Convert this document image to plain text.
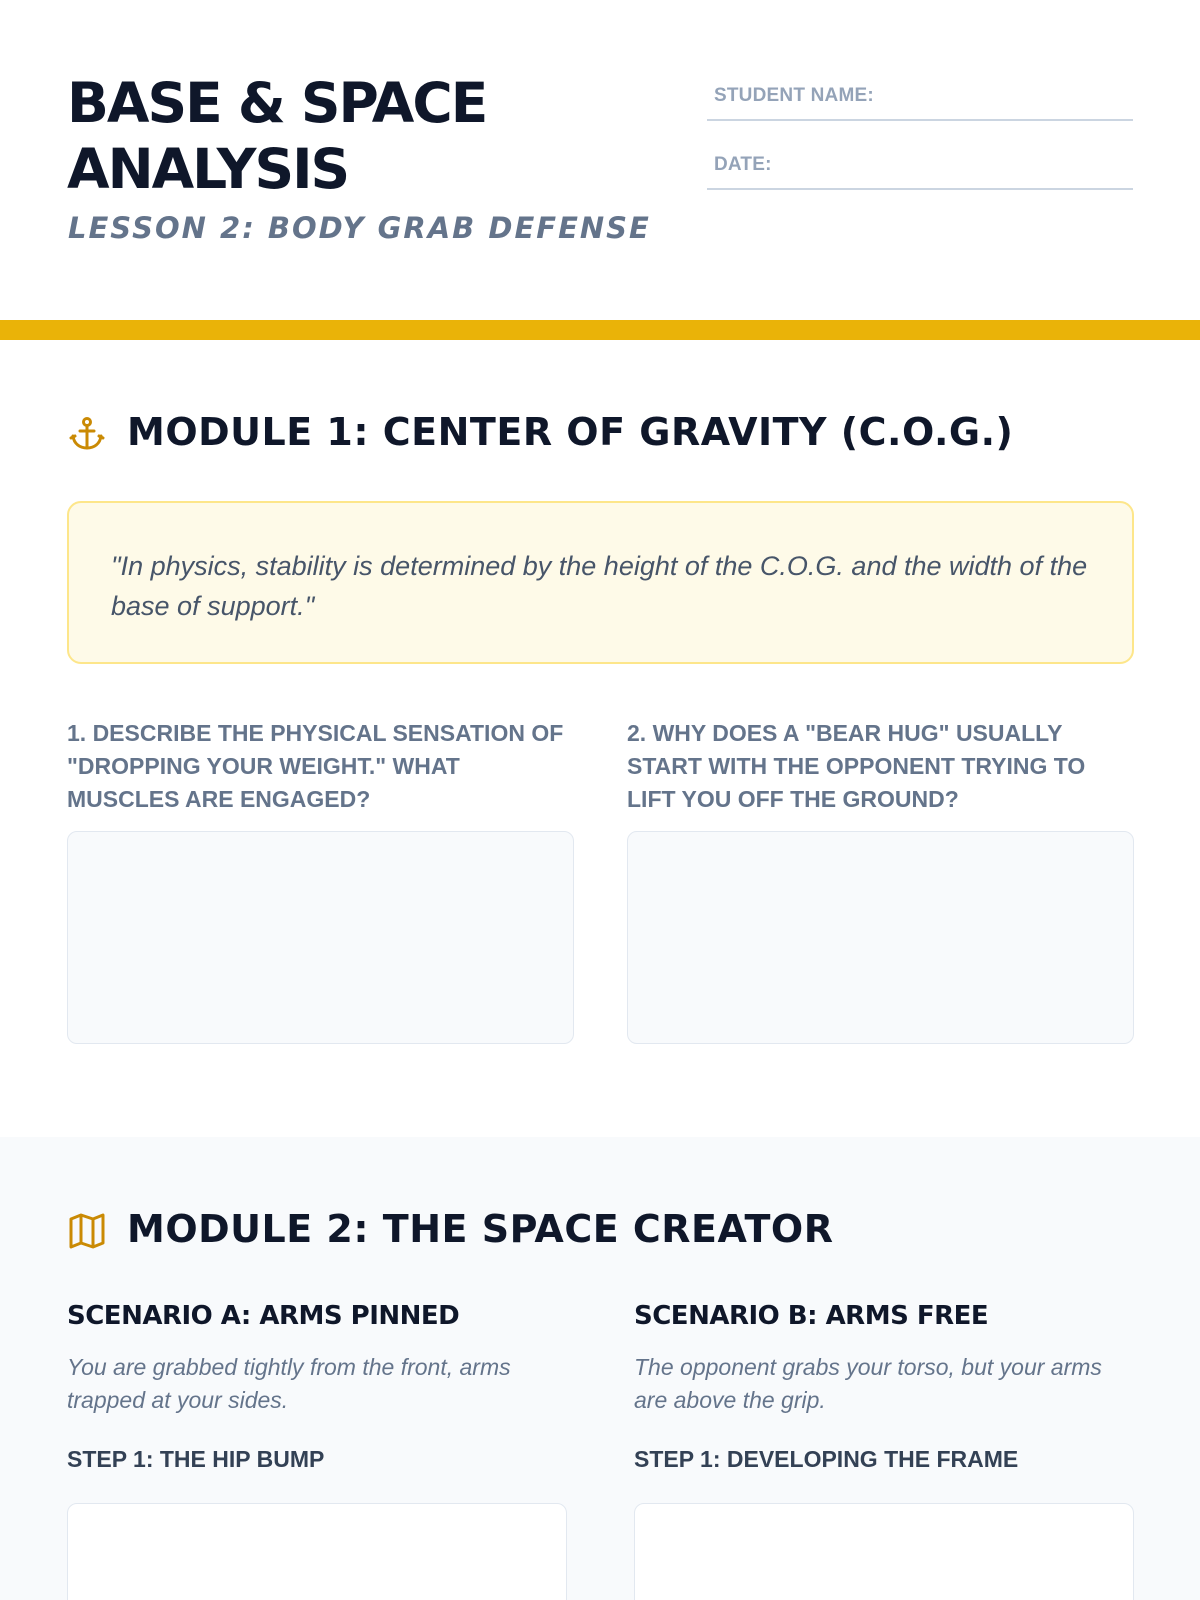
BASE & SPACE
ANALYSIS
LESSON 2: BODY GRAB DEFENSE
STUDENT NAME:
DATE:
MODULE 1: CENTER OF GRAVITY (C.O.G.)
"In physics, stability is determined by the height of the C.O.G. and the width of the base of support."
1. DESCRIBE THE PHYSICAL SENSATION OF "DROPPING YOUR WEIGHT." WHAT MUSCLES ARE ENGAGED?
2. WHY DOES A "BEAR HUG" USUALLY START WITH THE OPPONENT TRYING TO LIFT YOU OFF THE GROUND?
MODULE 2: THE SPACE CREATOR
SCENARIO A: ARMS PINNED

You are grabbed tightly from the front, arms trapped at your sides.

STEP 1: THE HIP BUMP
SCENARIO B: ARMS FREE

The opponent grabs your torso, but your arms are above the grip.

STEP 1: DEVELOPING THE FRAME
